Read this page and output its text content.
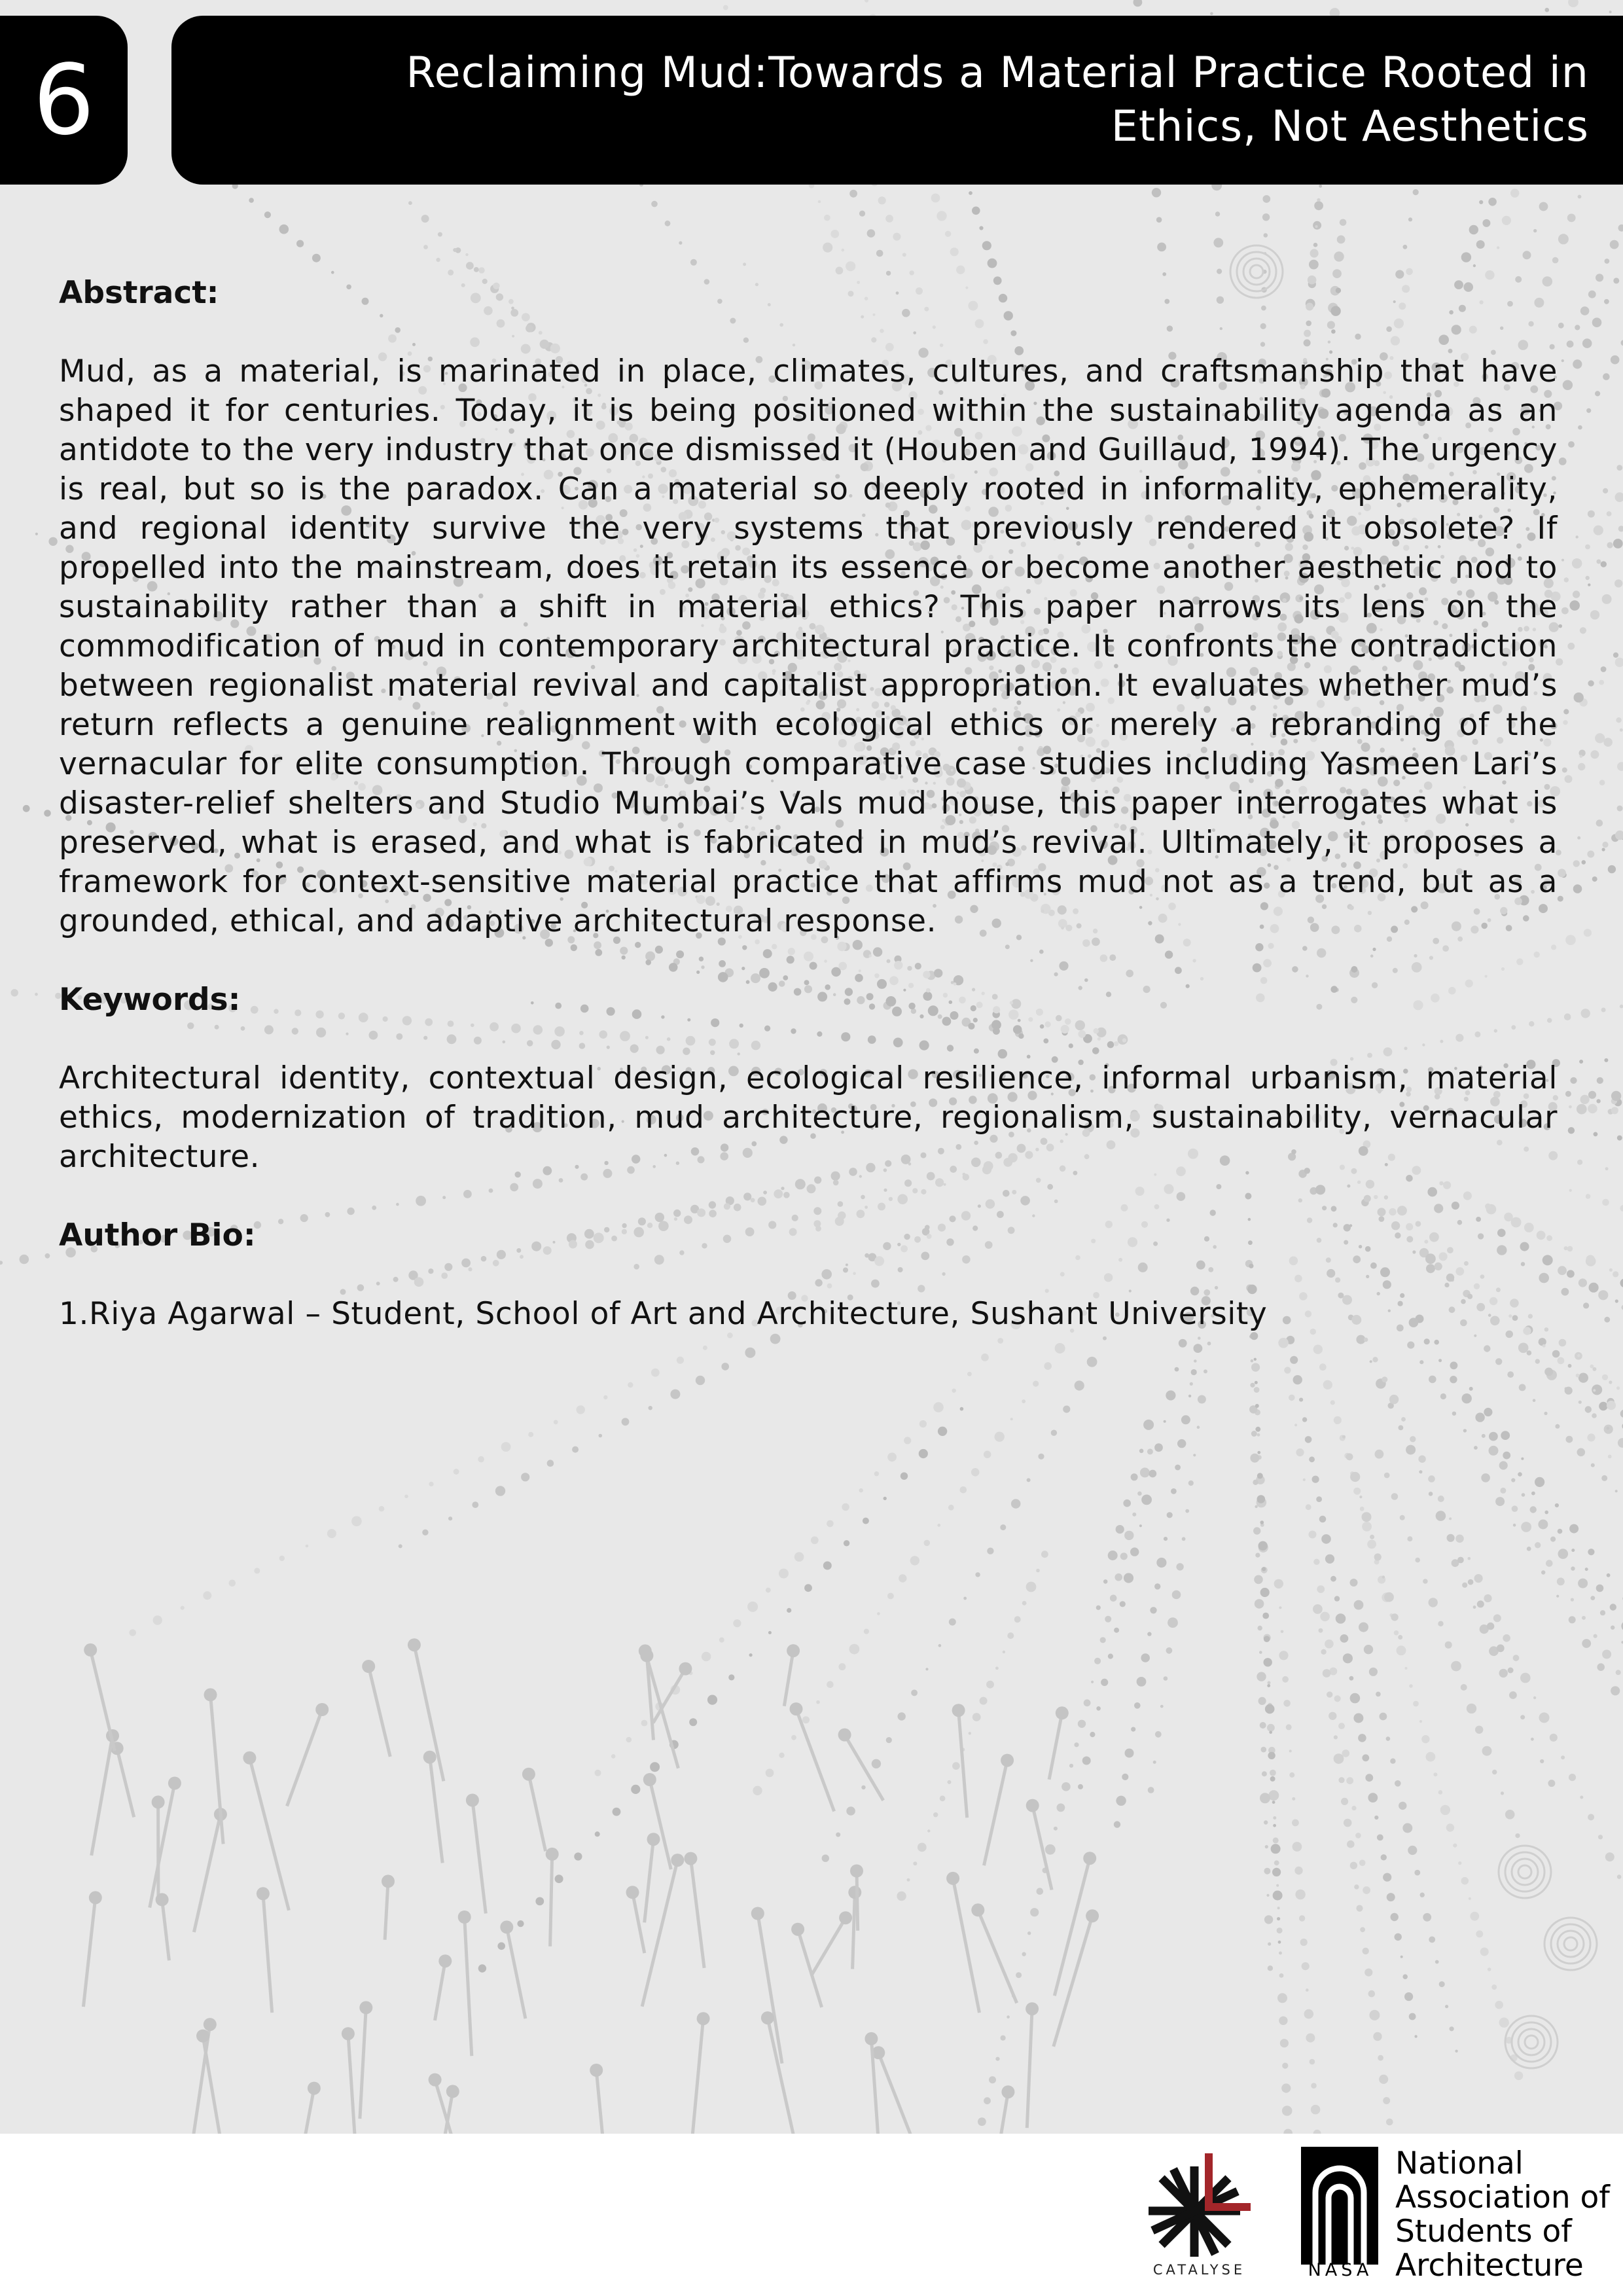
6	Reclaiming Mud:Towards a Material Practice Rooted in
Ethics, Not Aesthetics
Abstract:

Mud, as a material, is marinated in place, climates, cultures, and craftsmanship that have shaped it for centuries. Today, it is being positioned within the sustainability agenda as an antidote to the very industry that once dismissed it (Houben and Guillaud, 1994). The urgency is real, but so is the paradox. Can a material so deeply rooted in informality, ephemerality, and regional identity survive the very systems that previously rendered it obsolete? If propelled into the mainstream, does it retain its essence or become another aesthetic nod to sustainability rather than a shift in material ethics? This paper narrows its lens on the commodification of mud in contemporary architectural practice. It confronts the contradiction between regionalist material revival and capitalist appropriation. It evaluates whether mud’s return reflects a genuine realignment with ecological ethics or merely a rebranding of the vernacular for elite consumption. Through comparative case studies including Yasmeen Lari’s disaster-relief shelters and Studio Mumbai’s Vals mud house, this paper interrogates what is preserved, what is erased, and what is fabricated in mud’s revival. Ultimately, it proposes a framework for context-sensitive material practice that affirms mud not as a trend, but as a grounded, ethical, and adaptive architectural response.

Keywords:

Architectural identity, contextual design, ecological resilience, informal urbanism, material ethics, modernization of tradition, mud architecture, regionalism, sustainability, vernacular architecture.

Author Bio:

1.Riya Agarwal – Student, School of Art and Architecture, Sushant University

CATALYSE	NASA
National
Association of
Students of
Architecture
